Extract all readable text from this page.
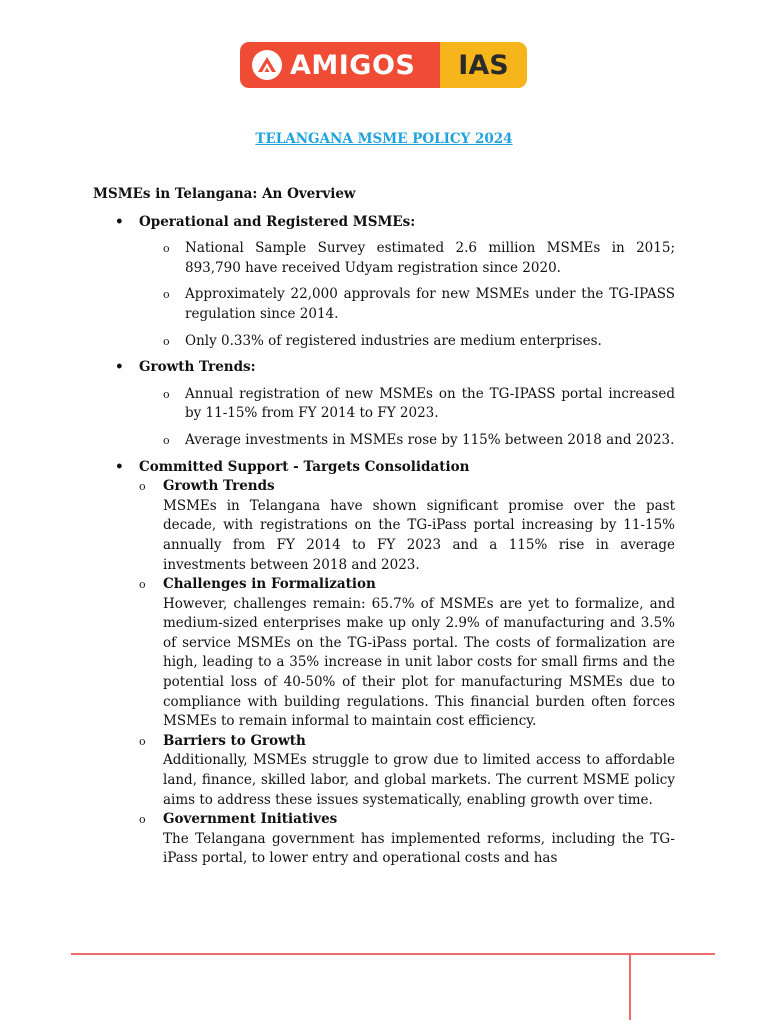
AMIGOS IAS
TELANGANA MSME POLICY 2024
MSMEs in Telangana: An Overview
• Operational and Registered MSMEs:
o National Sample Survey estimated 2.6 million MSMEs in 2015; 893,790 have received Udyam registration since 2020.
o Approximately 22,000 approvals for new MSMEs under the TG-IPASS regulation since 2014.
o Only 0.33% of registered industries are medium enterprises.
• Growth Trends:
o Annual registration of new MSMEs on the TG-IPASS portal increased by 11-15% from FY 2014 to FY 2023.
o Average investments in MSMEs rose by 115% between 2018 and 2023.
• Committed Support - Targets Consolidation
o Growth Trends
MSMEs in Telangana have shown significant promise over the past decade, with registrations on the TG-iPass portal increasing by 11-15% annually from FY 2014 to FY 2023 and a 115% rise in average investments between 2018 and 2023.
o Challenges in Formalization
However, challenges remain: 65.7% of MSMEs are yet to formalize, and medium-sized enterprises make up only 2.9% of manufacturing and 3.5% of service MSMEs on the TG-iPass portal. The costs of formalization are high, leading to a 35% increase in unit labor costs for small firms and the potential loss of 40-50% of their plot for manufacturing MSMEs due to compliance with building regulations. This financial burden often forces MSMEs to remain informal to maintain cost efficiency.
o Barriers to Growth
Additionally, MSMEs struggle to grow due to limited access to affordable land, finance, skilled labor, and global markets. The current MSME policy aims to address these issues systematically, enabling growth over time.
o Government Initiatives
The Telangana government has implemented reforms, including the TG-iPass portal, to lower entry and operational costs and has
